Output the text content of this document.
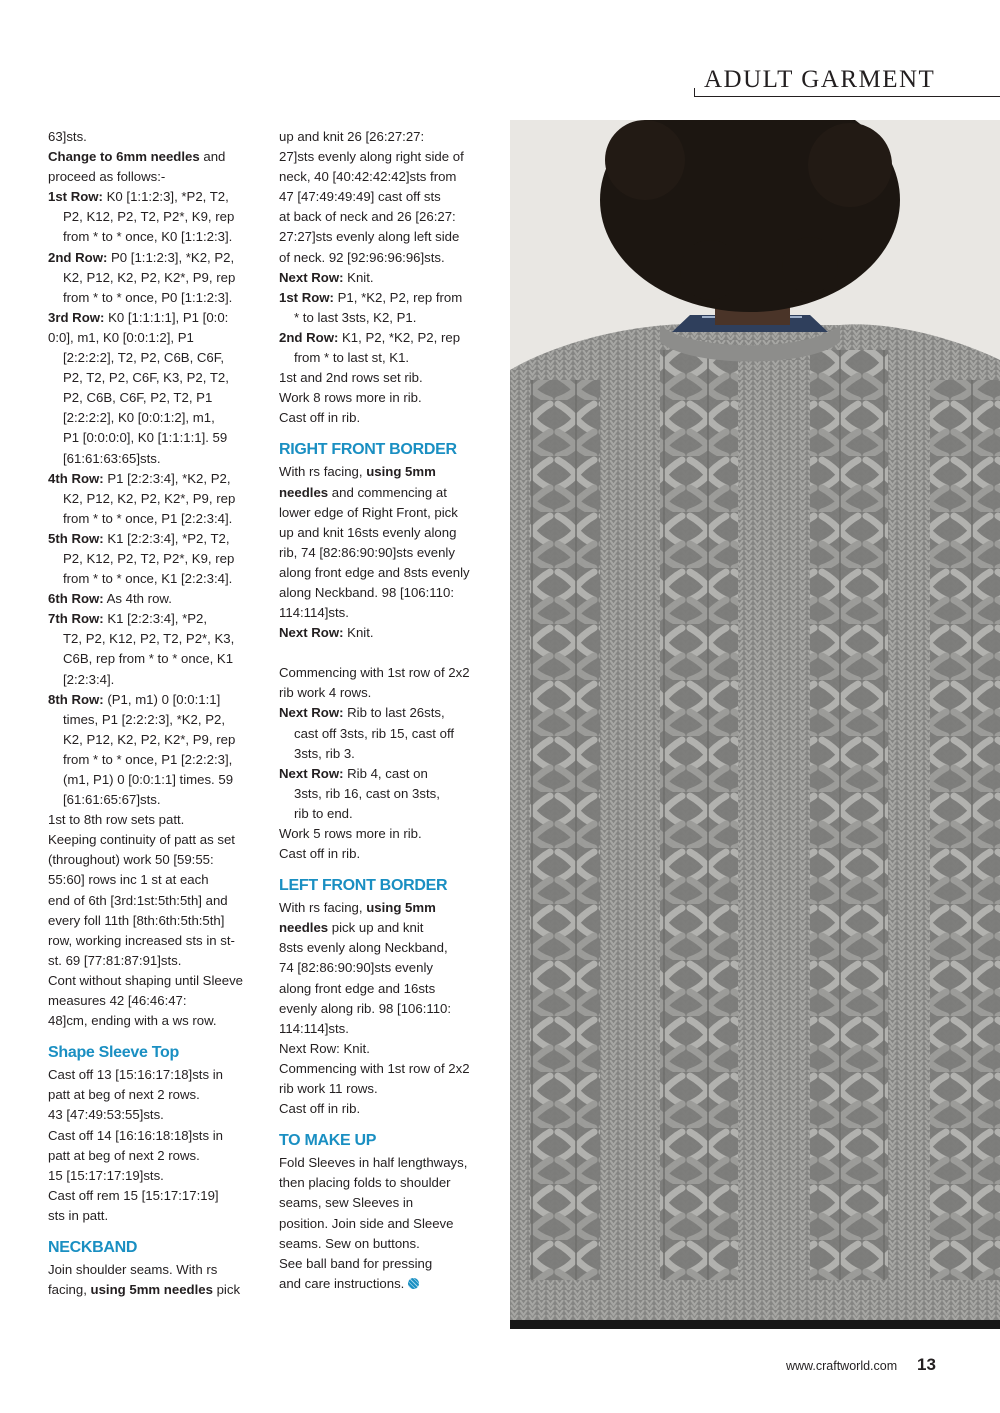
ADULT GARMENT

63]sts.

Change to 6mm needles and

proceed as follows:-

1st Row: K0 [1:1:2:3], *P2, T2,

P2, K12, P2, T2, P2*, K9, rep

from * to * once, K0 [1:1:2:3].

2nd Row: P0 [1:1:2:3], *K2, P2,

K2, P12, K2, P2, K2*, P9, rep

from * to * once, P0 [1:1:2:3].

3rd Row: K0 [1:1:1:1], P1 [0:0:

0:0], m1, K0 [0:0:1:2], P1

[2:2:2:2], T2, P2, C6B, C6F,

P2, T2, P2, C6F, K3, P2, T2,

P2, C6B, C6F, P2, T2, P1

[2:2:2:2], K0 [0:0:1:2], m1,

P1 [0:0:0:0], K0 [1:1:1:1]. 59

[61:61:63:65]sts.

4th Row: P1 [2:2:3:4], *K2, P2,

K2, P12, K2, P2, K2*, P9, rep

from * to * once, P1 [2:2:3:4].

5th Row: K1 [2:2:3:4], *P2, T2,

P2, K12, P2, T2, P2*, K9, rep

from * to * once, K1 [2:2:3:4].

6th Row: As 4th row.

7th Row: K1 [2:2:3:4], *P2,

T2, P2, K12, P2, T2, P2*, K3,

C6B, rep from * to * once, K1

[2:2:3:4].

8th Row: (P1, m1) 0 [0:0:1:1]

times, P1 [2:2:2:3], *K2, P2,

K2, P12, K2, P2, K2*, P9, rep

from * to * once, P1 [2:2:2:3],

(m1, P1) 0 [0:0:1:1] times. 59

[61:61:65:67]sts.

1st to 8th row sets patt.

Keeping continuity of patt as set

(throughout) work 50 [59:55:

55:60] rows inc 1 st at each

end of 6th [3rd:1st:5th:5th] and

every foll 11th [8th:6th:5th:5th]

row, working increased sts in st-

st. 69 [77:81:87:91]sts.

Cont without shaping until Sleeve

measures 42 [46:46:47:

48]cm, ending with a ws row.

Shape Sleeve Top

Cast off 13 [15:16:17:18]sts in

patt at beg of next 2 rows.

43 [47:49:53:55]sts.

Cast off 14 [16:16:18:18]sts in

patt at beg of next 2 rows.

15 [15:17:17:19]sts.

Cast off rem 15 [15:17:17:19]

sts in patt.

NECKBAND

Join shoulder seams. With rs

facing, using 5mm needles pick

up and knit 26 [26:27:27:

27]sts evenly along right side of

neck, 40 [40:42:42:42]sts from

47 [47:49:49:49] cast off sts

at back of neck and 26 [26:27:

27:27]sts evenly along left side

of neck. 92 [92:96:96:96]sts.

Next Row: Knit.

1st Row: P1, *K2, P2, rep from

* to last 3sts, K2, P1.

2nd Row: K1, P2, *K2, P2, rep

from * to last st, K1.

1st and 2nd rows set rib.

Work 8 rows more in rib.

Cast off in rib.

RIGHT FRONT BORDER

With rs facing, using 5mm

needles and commencing at

lower edge of Right Front, pick

up and knit 16sts evenly along

rib, 74 [82:86:90:90]sts evenly

along front edge and 8sts evenly

along Neckband. 98 [106:110:

114:114]sts.

Next Row: Knit.

Commencing with 1st row of 2x2

rib work 4 rows.

Next Row: Rib to last 26sts,

cast off 3sts, rib 15, cast off

3sts, rib 3.

Next Row: Rib 4, cast on

3sts, rib 16, cast on 3sts,

rib to end.

Work 5 rows more in rib.

Cast off in rib.

LEFT FRONT BORDER

With rs facing, using 5mm

needles pick up and knit

8sts evenly along Neckband,

74 [82:86:90:90]sts evenly

along front edge and 16sts

evenly along rib. 98 [106:110:

114:114]sts.

Next Row: Knit.

Commencing with 1st row of 2x2

rib work 11 rows.

Cast off in rib.

TO MAKE UP

Fold Sleeves in half lengthways,

then placing folds to shoulder

seams, sew Sleeves in

position. Join side and Sleeve

seams. Sew on buttons.

See ball band for pressing

and care instructions.

www.craftworld.com 13
